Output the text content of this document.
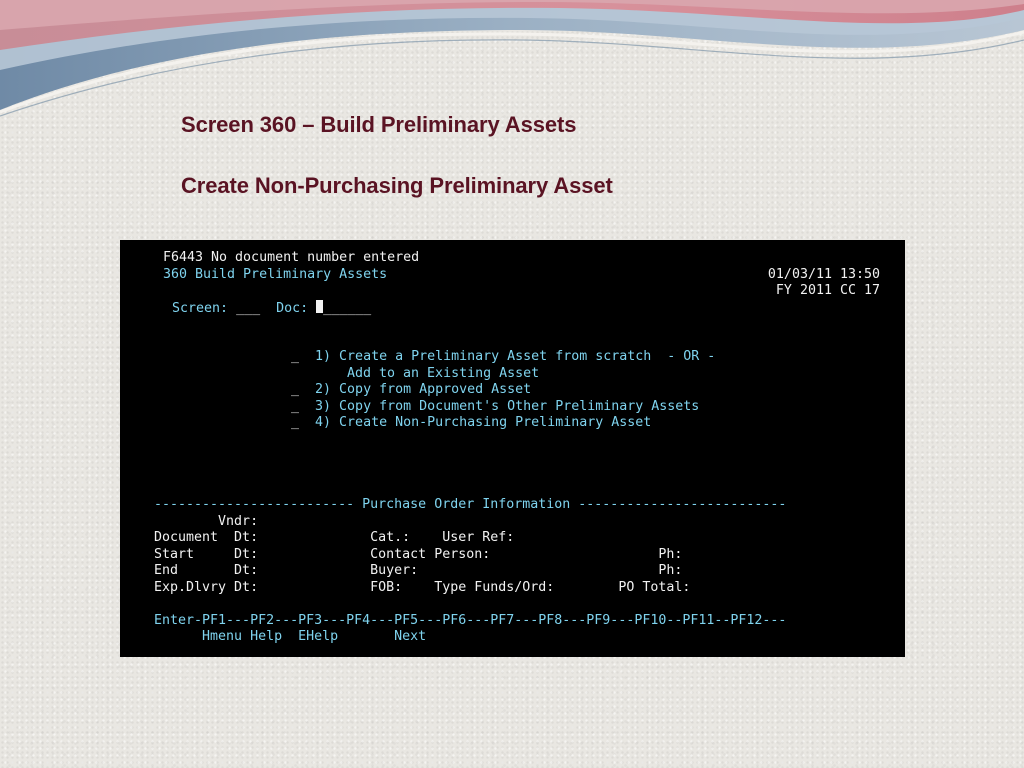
Screen 360 – Build Preliminary Assets
Create Non-Purchasing Preliminary Asset
F6443 No document number entered
360 Build Preliminary Assets	01/03/11 13:50
FY 2011 CC 17
Screen: ___ Doc: ______
_ 1) Create a Preliminary Asset from scratch  - OR -
Add to an Existing Asset
_ 2) Copy from Approved Asset
_ 3) Copy from Document's Other Preliminary Assets
_ 4) Create Non-Purchasing Preliminary Asset
------------------------- Purchase Order Information --------------------------
Vndr:
Document  Dt:              Cat.:    User Ref:
Start     Dt:              Contact Person:                     Ph:
End       Dt:              Buyer:                              Ph:
Exp.Dlvry Dt:              FOB:    Type Funds/Ord:        PO Total:
Enter-PF1---PF2---PF3---PF4---PF5---PF6---PF7---PF8---PF9---PF10--PF11--PF12---
Hmenu Help  EHelp       Next
